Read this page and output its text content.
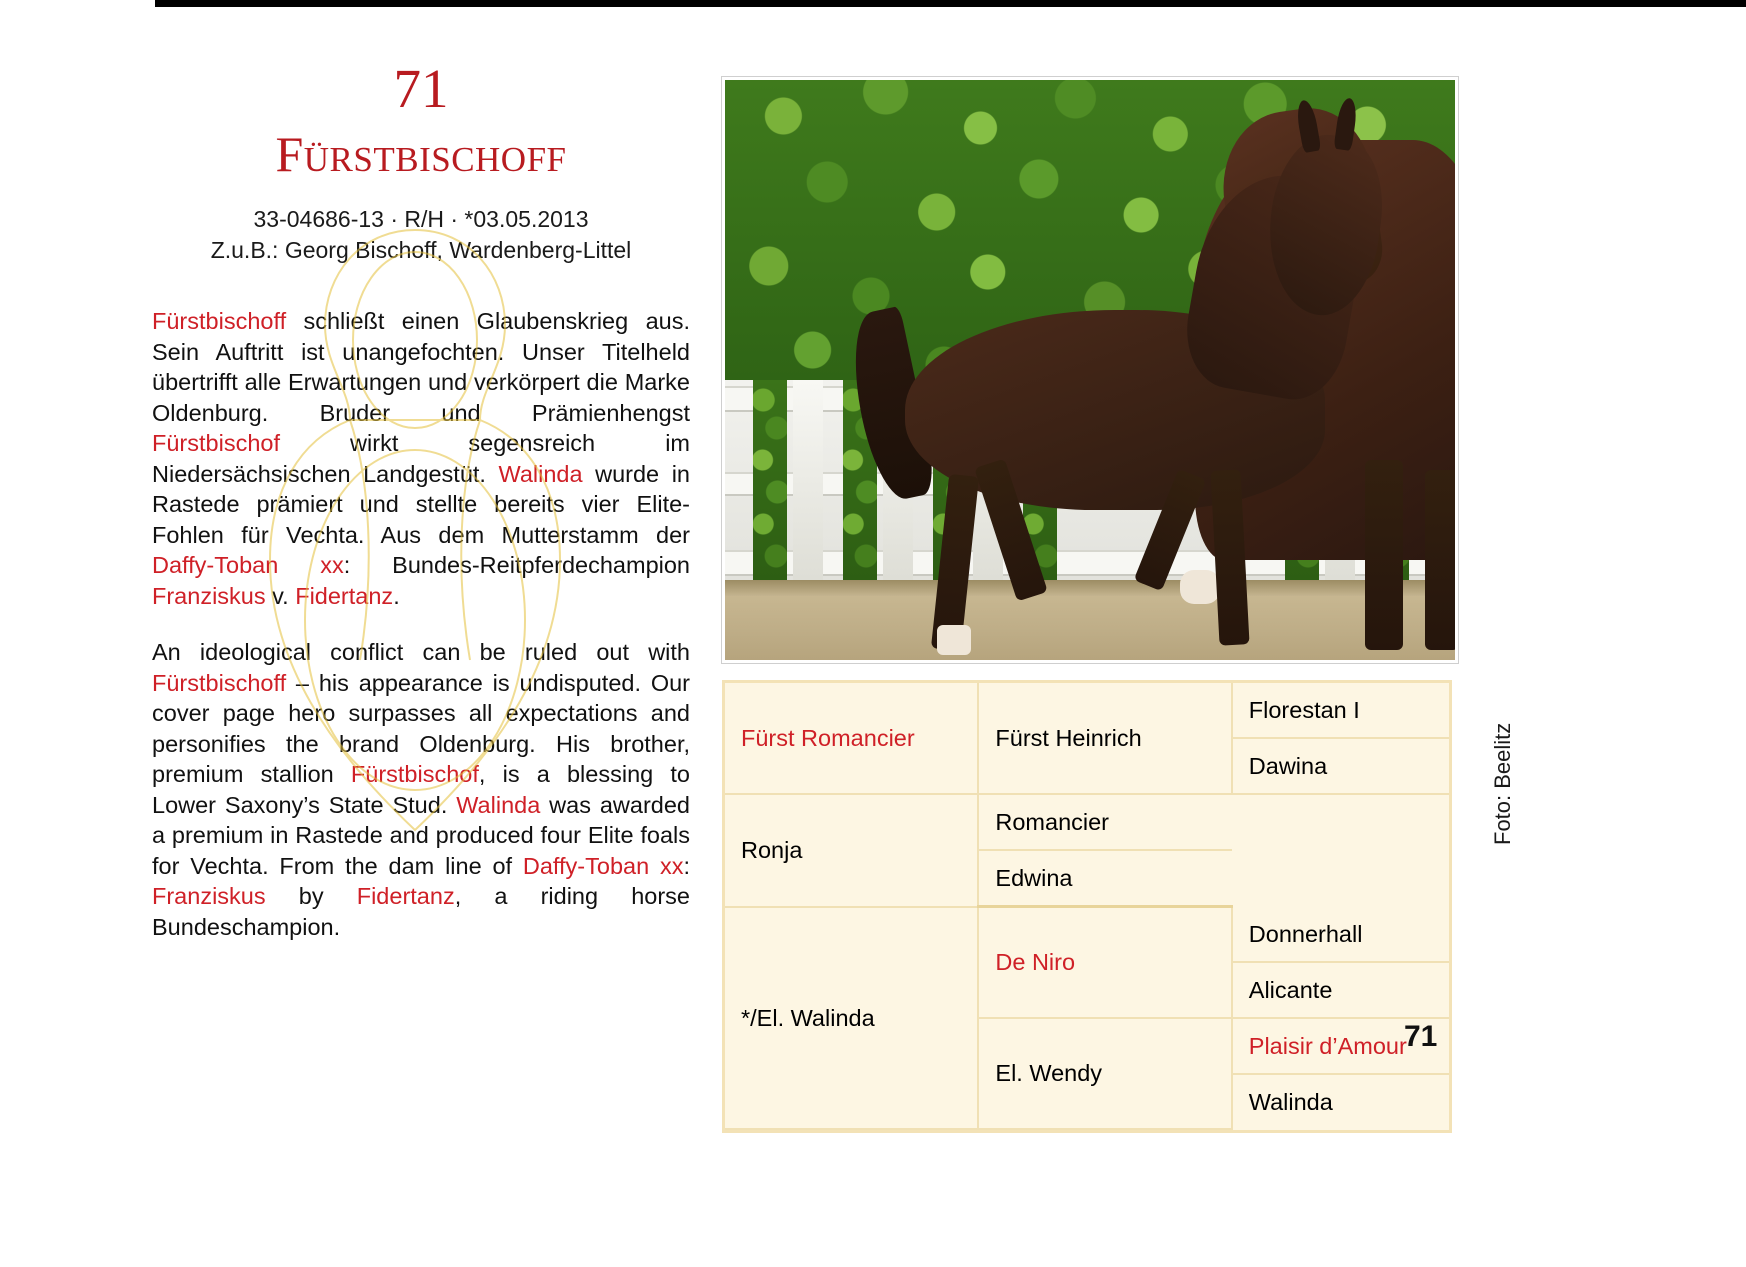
71
Fürstbischoff
33-04686-13 · R/H · *03.05.2013
Z.u.B.: Georg Bischoff, Wardenberg-Littel

Fürstbischoff schließt einen Glaubenskrieg aus. Sein Auftritt ist unangefochten. Unser Titelheld übertrifft alle Erwartungen und verkörpert die Marke Oldenburg. Bruder und Prämienhengst Fürstbischof wirkt segensreich im Niedersächsischen Landgestüt. Walinda wurde in Rastede prämiert und stellte bereits vier Elite-Fohlen für Vechta. Aus dem Mutterstamm der Daffy-Toban xx: Bundes-Reitpferdechampion Franziskus v. Fidertanz.

An ideological conflict can be ruled out with Fürstbischoff – his appearance is undisputed. Our cover page hero surpasses all expectations and personifies the brand Oldenburg. His brother, premium stallion Fürstbischof, is a blessing to Lower Saxony’s State Stud. Walinda was awarded a premium in Rastede and produced four Elite foals for Vechta. From the dam line of Daffy-Toban xx: Franziskus by Fidertanz, a riding horse Bundeschampion.

Fürst Romancier	Fürst Heinrich	Florestan I
		Dawina
Ronja	Romancier	
	Edwina	
*/El. Walinda	De Niro	Donnerhall
		Alicante
	El. Wendy	Plaisir d’Amour
		Walinda
Foto: Beelitz
71
